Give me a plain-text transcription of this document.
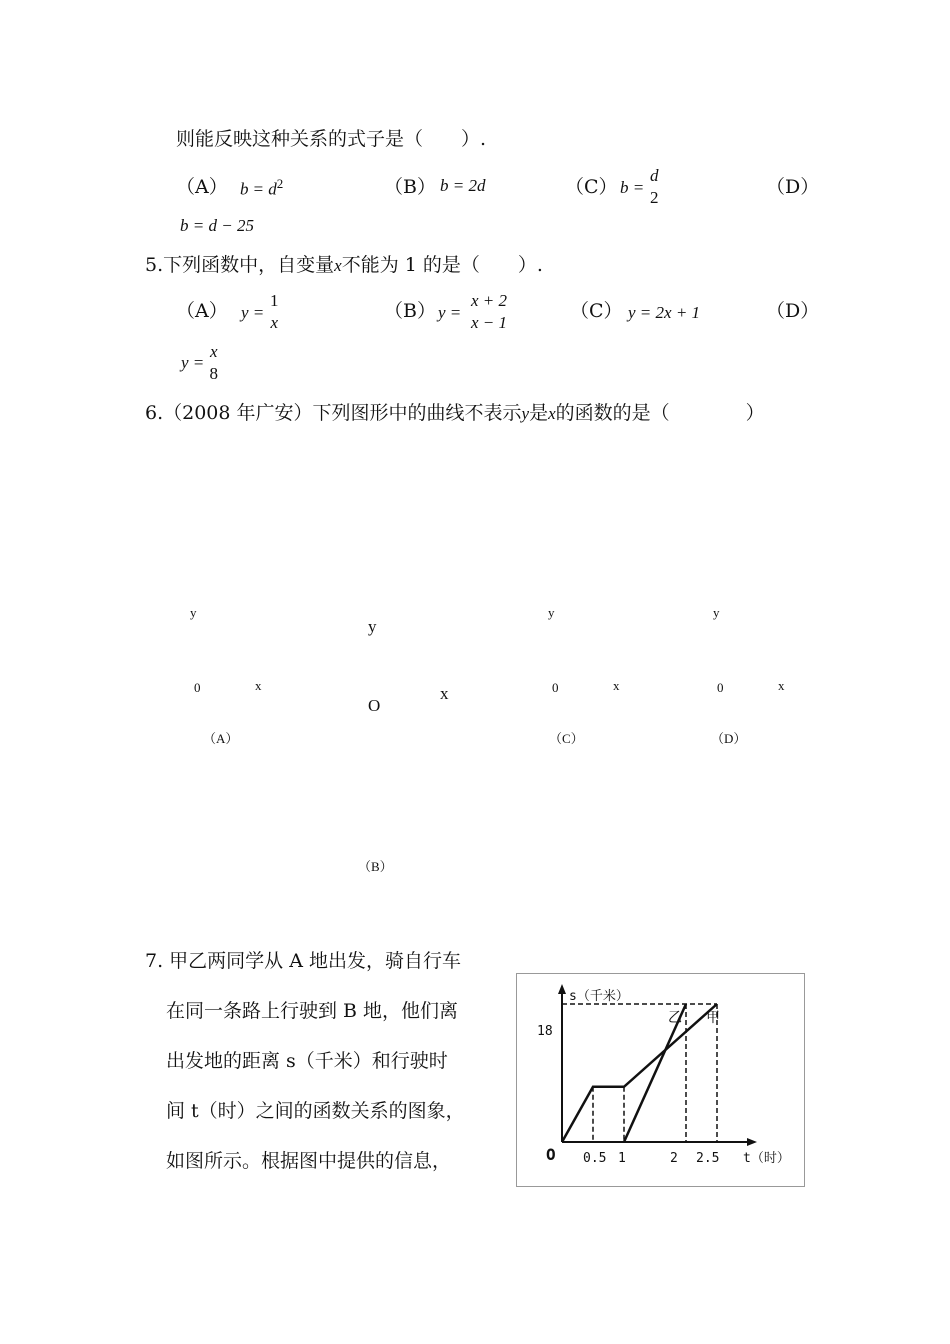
则能反映这种关系的式子是（　　）.
（A） $b = d^2$	（B） b = 2d	（C） b =
d
2	（D）
b = d − 25
5.下列函数中，自变量x不能为 1 的是（　　）.
（A） y =
1
x
（B） y =
x + 2
x − 1
（C） y = 2x + 1	（D）
y =
x
8
6.（2008 年广安）下列图形中的曲线不表示y是x的函数的是（　　　　）
y
0	x
（A）
y
O
x
（B）
y
0	x
（C）
y
0	x
（D）
7. 甲乙两同学从 A 地出发，骑自行车
在同一条路上行驶到 B 地，他们离
出发地的距离 s（千米）和行驶时
间 t（时）之间的函数关系的图象，
如图所示。根据图中提供的信息，
s（千米）
t（时）
O
18
0.5 1	2 2.5
乙 甲
